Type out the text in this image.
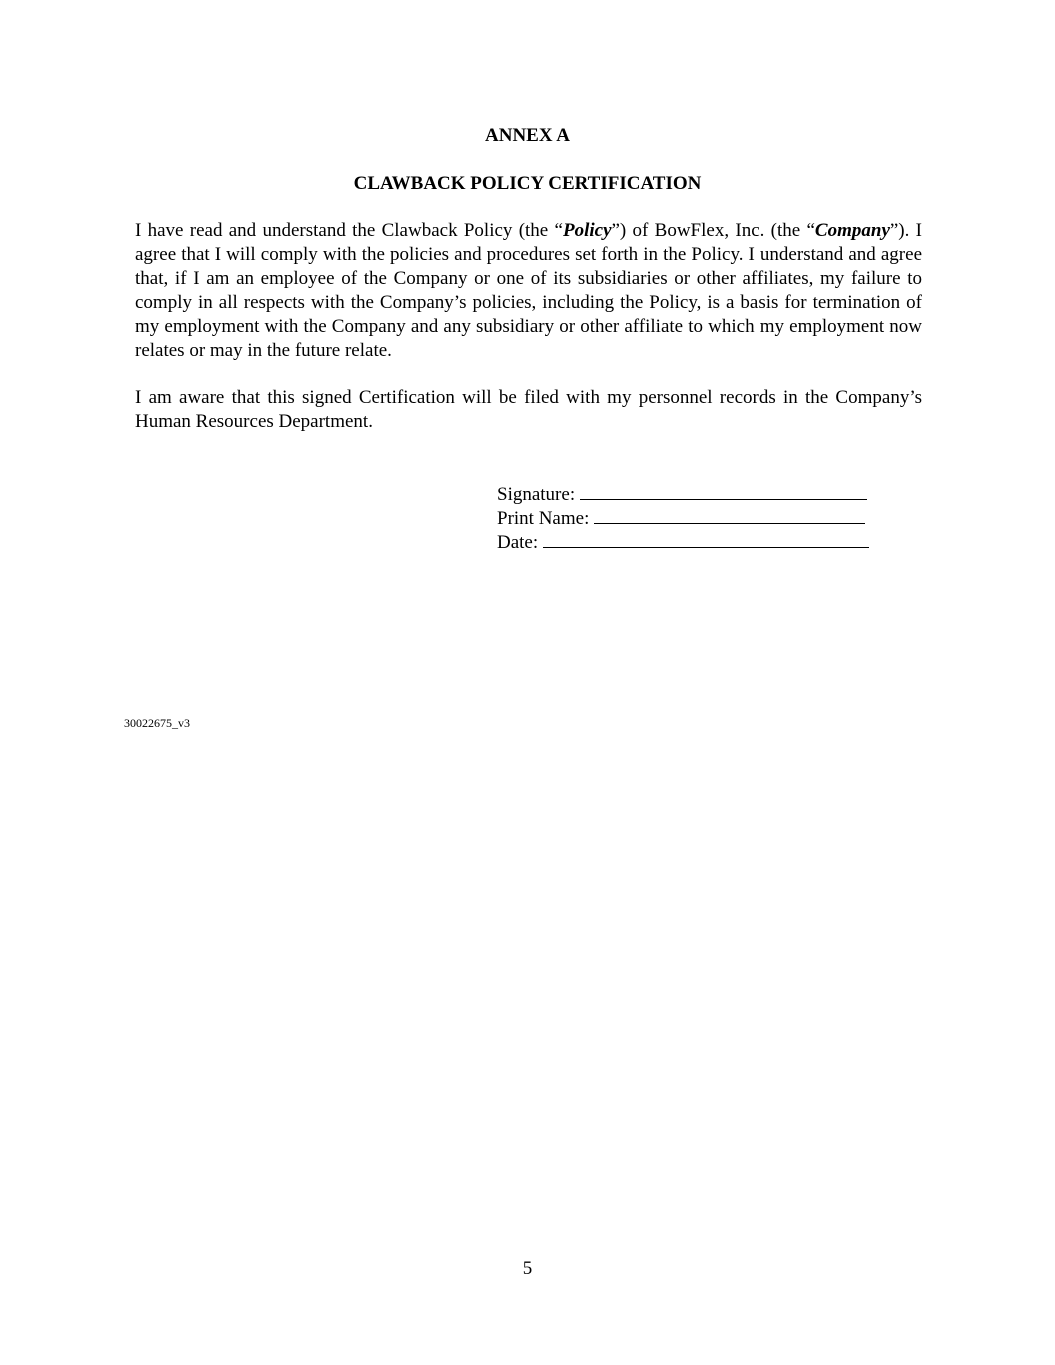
ANNEX A
CLAWBACK POLICY CERTIFICATION

I have read and understand the Clawback Policy (the “Policy”) of BowFlex, Inc. (the “Company”). I agree that I will comply with the policies and procedures set forth in the Policy. I understand and agree that, if I am an employee of the Company or one of its subsidiaries or other affiliates, my failure to comply in all respects with the Company’s policies, including the Policy, is a basis for termination of my employment with the Company and any subsidiary or other affiliate to which my employment now relates or may in the future relate.

I am aware that this signed Certification will be filed with my personnel records in the Company’s Human Resources Department.

Signature:
Print Name:
Date:
30022675_v3
5
